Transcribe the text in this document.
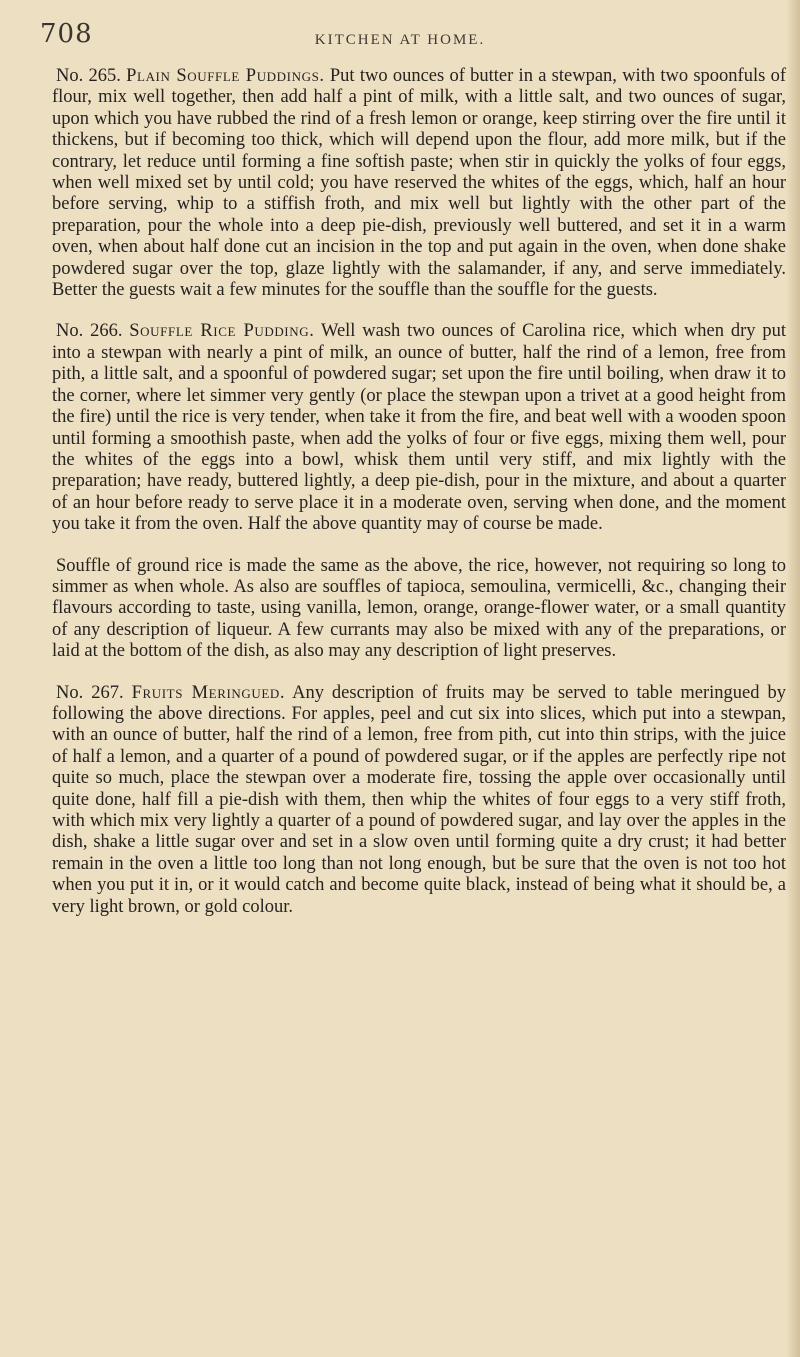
708	KITCHEN AT HOME.

No. 265. Plain Souffle Puddings. Put two ounces of butter in a stewpan, with two spoonfuls of flour, mix well together, then add half a pint of milk, with a little salt, and two ounces of sugar, upon which you have rubbed the rind of a fresh lemon or orange, keep stirring over the fire until it thickens, but if becoming too thick, which will depend upon the flour, add more milk, but if the contrary, let reduce until forming a fine softish paste; when stir in quickly the yolks of four eggs, when well mixed set by until cold; you have reserved the whites of the eggs, which, half an hour before serving, whip to a stiffish froth, and mix well but lightly with the other part of the preparation, pour the whole into a deep pie-dish, previously well buttered, and set it in a warm oven, when about half done cut an incision in the top and put again in the oven, when done shake powdered sugar over the top, glaze lightly with the salamander, if any, and serve immediately. Better the guests wait a few minutes for the souffle than the souffle for the guests.

No. 266. Souffle Rice Pudding. Well wash two ounces of Carolina rice, which when dry put into a stewpan with nearly a pint of milk, an ounce of butter, half the rind of a lemon, free from pith, a little salt, and a spoonful of powdered sugar; set upon the fire until boiling, when draw it to the corner, where let simmer very gently (or place the stewpan upon a trivet at a good height from the fire) until the rice is very tender, when take it from the fire, and beat well with a wooden spoon until forming a smoothish paste, when add the yolks of four or five eggs, mixing them well, pour the whites of the eggs into a bowl, whisk them until very stiff, and mix lightly with the preparation; have ready, buttered lightly, a deep pie-dish, pour in the mixture, and about a quarter of an hour before ready to serve place it in a moderate oven, serving when done, and the moment you take it from the oven. Half the above quantity may of course be made.

Souffle of ground rice is made the same as the above, the rice, however, not requiring so long to simmer as when whole. As also are souffles of tapioca, semoulina, vermicelli, &c., changing their flavours according to taste, using vanilla, lemon, orange, orange-flower water, or a small quantity of any description of liqueur. A few currants may also be mixed with any of the preparations, or laid at the bottom of the dish, as also may any description of light preserves.

No. 267. Fruits Meringued. Any description of fruits may be served to table meringued by following the above directions. For apples, peel and cut six into slices, which put into a stewpan, with an ounce of butter, half the rind of a lemon, free from pith, cut into thin strips, with the juice of half a lemon, and a quarter of a pound of powdered sugar, or if the apples are perfectly ripe not quite so much, place the stewpan over a moderate fire, tossing the apple over occasionally until quite done, half fill a pie-dish with them, then whip the whites of four eggs to a very stiff froth, with which mix very lightly a quarter of a pound of powdered sugar, and lay over the apples in the dish, shake a little sugar over and set in a slow oven until forming quite a dry crust; it had better remain in the oven a little too long than not long enough, but be sure that the oven is not too hot when you put it in, or it would catch and become quite black, instead of being what it should be, a very light brown, or gold colour.
